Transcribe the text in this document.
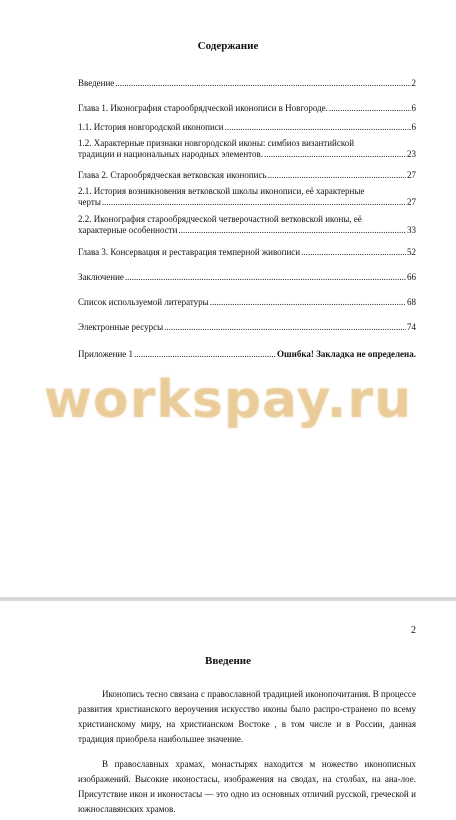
Содержание
Введение .....	2
Глава 1. Иконография старообрядческой иконописи в Новгороде. .....	6
1.1. История новгородской иконописи .....	6
1.2. Характерные признаки новгородской иконы: симбиоз византийской
традиции и национальных народных элементов. .....	23
Глава 2. Старообрядческая ветковская иконопись .....	27
2.1. История возникновения ветковской школы иконописи, её характерные
черты .....	27
2.2. Иконография старообрядческой четверочастной ветковской иконы, её
характерные особенности .....	33
Глава 3. Консервация и реставрация темперной живописи .....	52
Заключение .....	66
Список используемой литературы .....	68
Электронные ресурсы .....	74
Приложение 1 .....	Ошибка! Закладка не определена.
workspay.ru
2
Введение
Иконопись тесно связана с православной традицией иконопочитания. В процессе развития христианского вероучения искусство иконы было распро-странено по всему христианскому миру, на христианском Востоке , в том числе и в России, данная традиция приобрела наибольшее значение.
В православных храмах, монастырях находится м ножество иконописных изображений. Высокие иконостасы, изображения на сводах, на столбах, на ана-лое. Присутствие икон и иконостасы — это одно из основных отличий русской, греческой и южнославянских храмов.
